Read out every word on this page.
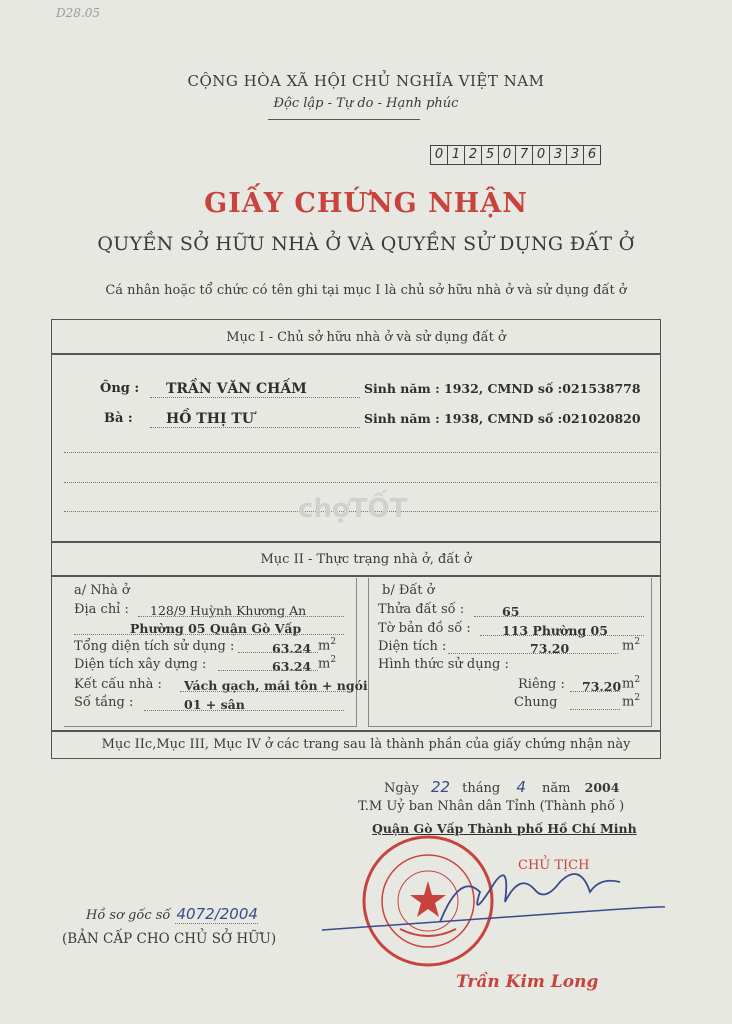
D28.05
CỘNG HÒA XÃ HỘI CHỦ NGHĨA VIỆT NAM
Độc lập - Tự do - Hạnh phúc
0 1 2 5 0 7 0 3 3 6
GIẤY CHỨNG NHẬN
QUYỀN SỞ HỮU NHÀ Ở VÀ QUYỀN SỬ DỤNG ĐẤT Ở
Cá nhân hoặc tổ chức có tên ghi tại mục I là chủ sở hữu nhà ở và sử dụng đất ở
Mục I - Chủ sở hữu nhà ở và sử dụng đất ở
Ông : TRẦN VĂN CHẤM	Sinh năm : 1932, CMND số :021538778
Bà : HỒ THỊ TƯ	Sinh năm : 1938, CMND số :021020820
chợTỐT
Mục II - Thực trạng nhà ở, đất ở
a/ Nhà ở
Địa chỉ : 128/9 Huỳnh Khương An
Phường 05 Quận Gò Vấp
Tổng diện tích sử dụng :	63.24 $m^2$
Diện tích xây dựng :	63.24 $m^2$
Kết cấu nhà : Vách gạch, mái tôn + ngói
Số tầng :	01 + sân
b/ Đất ở
Thửa đất số :	65
Tờ bản đồ số : 113 Phường 05
Diện tích :	73.20	$m^2$
Hình thức sử dụng :
Riêng : 73.20 $m^2$
Chung	$m^2$
Mục IIc,Mục III, Mục IV ở các trang sau là thành phần của giấy chứng nhận này
Ngày 22 tháng 4 năm 2004
T.M Uỷ ban Nhân dân Tỉnh (Thành phố )
Quận Gò Vấp Thành phố Hồ Chí Minh
CHỦ TỊCH
Trần Kim Long
Hồ sơ gốc số 4072/2004
(BẢN CẤP CHO CHỦ SỞ HỮU)
